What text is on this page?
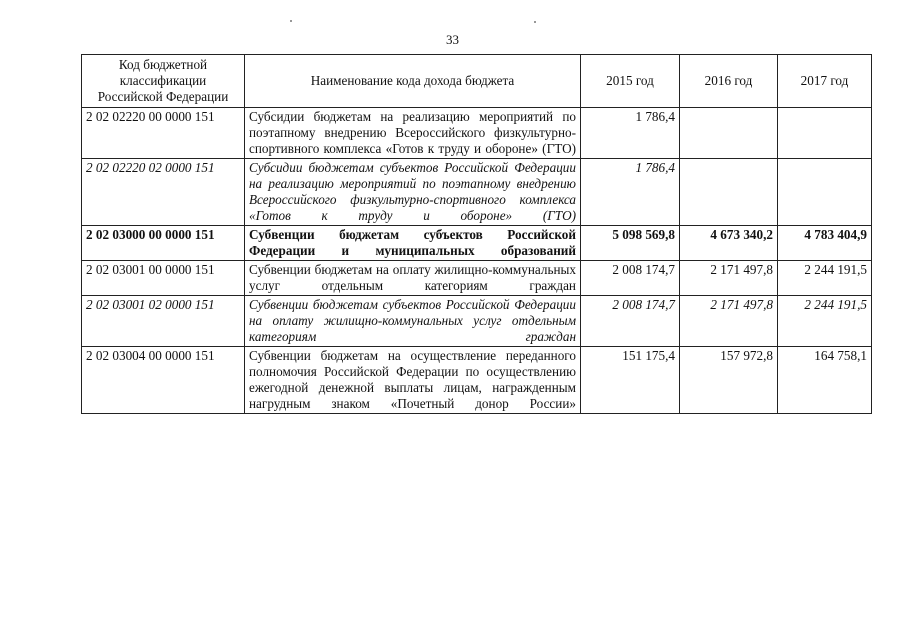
33
Код бюджетной классификации Российской Федерации	Наименование кода дохода бюджета	2015 год	2016 год	2017 год
2 02 02220 00 0000 151	Субсидии бюджетам на реализацию мероприятий по поэтапному внедрению Всероссийского физкультурно-спортивного комплекса «Готов к труду и обороне» (ГТО)	1 786,4		
2 02 02220 02 0000 151	Субсидии бюджетам субъектов Российской Федерации на реализацию мероприятий по поэтапному внедрению Всероссийского физкультурно-спортивного комплекса «Готов к труду и обороне» (ГТО)	1 786,4		
2 02 03000 00 0000 151	Субвенции бюджетам субъектов Российской Федерации и муниципальных образований	5 098 569,8	4 673 340,2	4 783 404,9
2 02 03001 00 0000 151	Субвенции бюджетам на оплату жилищно-коммунальных услуг отдельным категориям граждан	2 008 174,7	2 171 497,8	2 244 191,5
2 02 03001 02 0000 151	Субвенции бюджетам субъектов Российской Федерации на оплату жилищно-коммунальных услуг отдельным категориям граждан	2 008 174,7	2 171 497,8	2 244 191,5
2 02 03004 00 0000 151	Субвенции бюджетам на осуществление переданного полномочия Российской Федерации по осуществлению ежегодной денежной выплаты лицам, награжденным нагрудным знаком «Почетный донор России»	151 175,4	157 972,8	164 758,1
